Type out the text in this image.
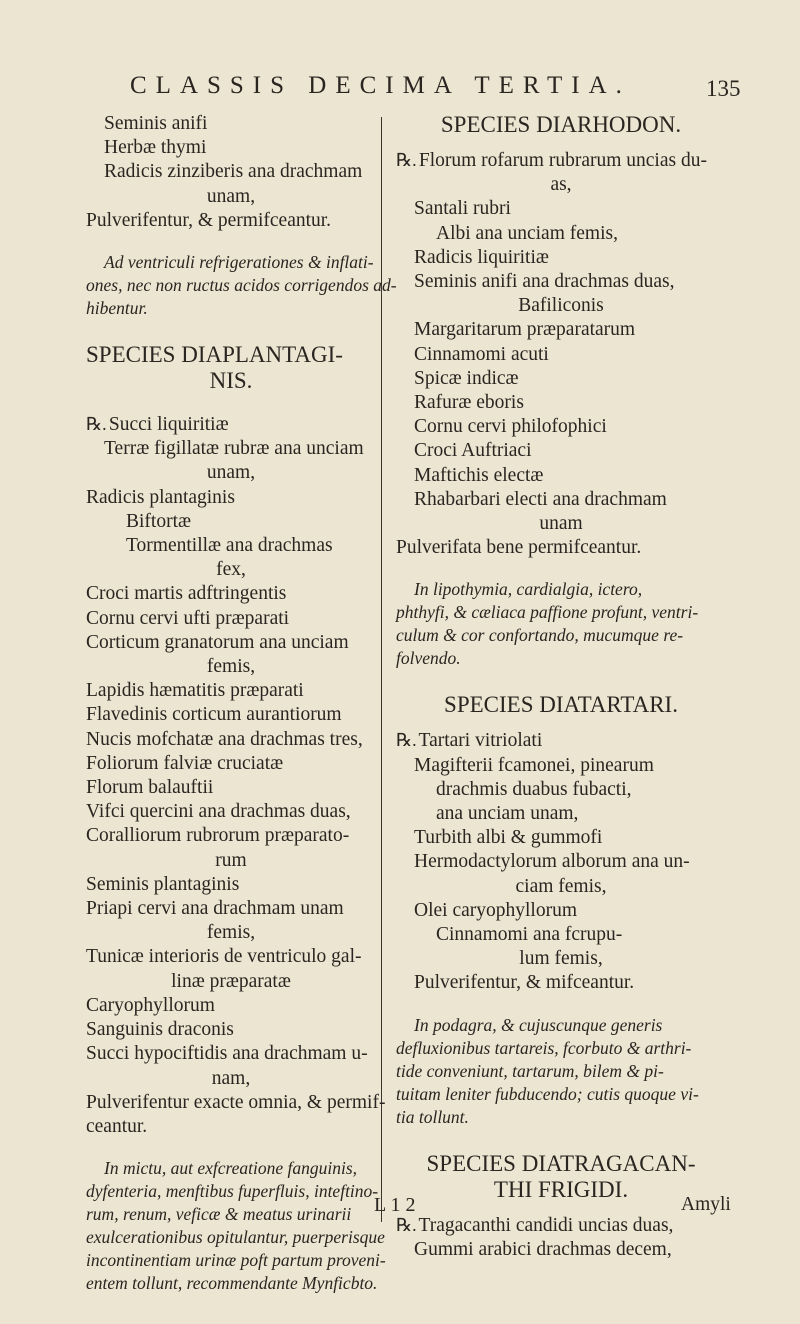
CLASSIS DECIMA TERTIA.	135
Seminis anifi
Herbæ thymi
Radicis zinziberis ana drachmam
unam,
Pulverifentur, & permifceantur.
Ad ventriculi refrigerationes & inflati-
ones, nec non ructus acidos corrigendos ad-
hibentur.
SPECIES DIAPLANTAGI-
NIS.
℞. Succi liquiritiæ
Terræ figillatæ rubræ ana unciam
unam,
Radicis plantaginis
Biftortæ
Tormentillæ ana drachmas
fex,
Croci martis adftringentis
Cornu cervi ufti præparati
Corticum granatorum ana unciam
femis,
Lapidis hæmatitis præparati
Flavedinis corticum aurantiorum
Nucis mofchatæ ana drachmas tres,
Foliorum falviæ cruciatæ
Florum balauftii
Vifci quercini ana drachmas duas,
Coralliorum rubrorum præparato-
rum
Seminis plantaginis
Priapi cervi ana drachmam unam
femis,
Tunicæ interioris de ventriculo gal-
linæ præparatæ
Caryophyllorum
Sanguinis draconis
Succi hypociftidis ana drachmam u-
nam,
Pulverifentur exacte omnia, & permif-
ceantur.
In mictu, aut exfcreatione fanguinis,
dyfenteria, menftibus fuperfluis, inteftino-
rum, renum, veficæ & meatus urinarii
exulcerationibus opitulantur, puerperisque
incontinentiam urinæ poft partum proveni-
entem tollunt, recommendante Mynficbto.
SPECIES DIARHODON.
℞. Florum rofarum rubrarum uncias du-
as,
Santali rubri
Albi ana unciam femis,
Radicis liquiritiæ
Seminis anifi ana drachmas duas,
Bafiliconis
Margaritarum præparatarum
Cinnamomi acuti
Spicæ indicæ
Rafuræ eboris
Cornu cervi philofophici
Croci Auftriaci
Maftichis electæ
Rhabarbari electi ana drachmam
unam
Pulverifata bene permifceantur.
In lipothymia, cardialgia, ictero,
phthyfi, & cæliaca paffione profunt, ventri-
culum & cor confortando, mucumque re-
folvendo.
SPECIES DIATARTARI.
℞. Tartari vitriolati
Magifterii fcamonei, pinearum
drachmis duabus fubacti,
ana unciam unam,
Turbith albi & gummofi
Hermodactylorum alborum ana un-
ciam femis,
Olei caryophyllorum
Cinnamomi ana fcrupu-
lum femis,
Pulverifentur, & mifceantur.
In podagra, & cujuscunque generis
defluxionibus tartareis, fcorbuto & arthri-
tide conveniunt, tartarum, bilem & pi-
tuitam leniter fubducendo; cutis quoque vi-
tia tollunt.
SPECIES DIATRAGACAN-
THI FRIGIDI.
℞. Tragacanthi candidi uncias duas,
Gummi arabici drachmas decem,
L 1 2	Amyli
